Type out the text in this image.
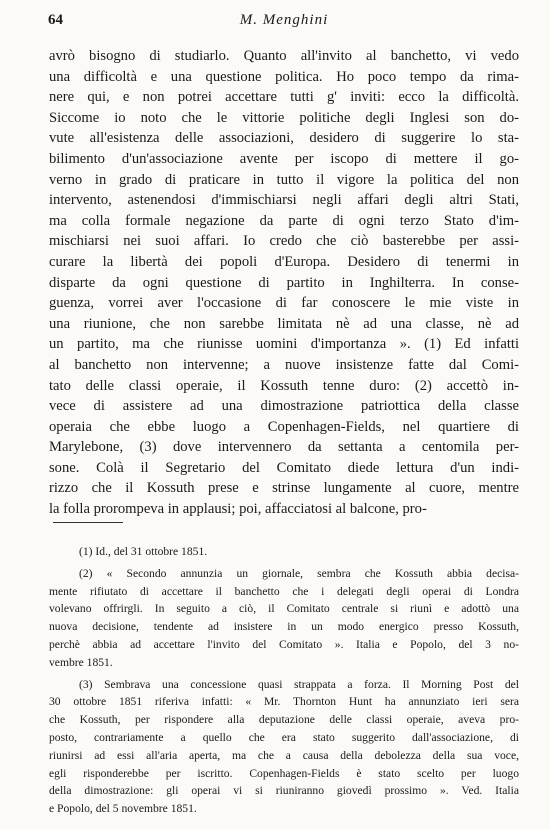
64	M. Menghini
avrò bisogno di studiarlo. Quanto all'invito al banchetto, vi vedo
una difficoltà e una questione politica. Ho poco tempo da rima-
nere qui, e non potrei accettare tutti g' inviti: ecco la difficoltà.
Siccome io noto che le vittorie politiche degli Inglesi son do-
vute all'esistenza delle associazioni, desidero di suggerire lo sta-
bilimento d'un'associazione avente per iscopo di mettere il go-
verno in grado di praticare in tutto il vigore la politica del non
intervento, astenendosi d'immischiarsi negli affari degli altri Stati,
ma colla formale negazione da parte di ogni terzo Stato d'im-
mischiarsi nei suoi affari. Io credo che ciò basterebbe per assi-
curare la libertà dei popoli d'Europa. Desidero di tenermi in
disparte da ogni questione di partito in Inghilterra. In conse-
guenza, vorrei aver l'occasione di far conoscere le mie viste in
una riunione, che non sarebbe limitata nè ad una classe, nè ad
un partito, ma che riunisse uomini d'importanza ». (1) Ed infatti
al banchetto non intervenne; a nuove insistenze fatte dal Comi-
tato delle classi operaie, il Kossuth tenne duro: (2) accettò in-
vece di assistere ad una dimostrazione patriottica della classe
operaia che ebbe luogo a Copenhagen-Fields, nel quartiere di
Marylebone, (3) dove intervennero da settanta a centomila per-
sone. Colà il Segretario del Comitato diede lettura d'un indi-
rizzo che il Kossuth prese e strinse lungamente al cuore, mentre
la folla prorompeva in applausi; poi, affacciatosi al balcone, pro-
(1) Id., del 31 ottobre 1851.
(2) « Secondo annunzia un giornale, sembra che Kossuth abbia decisa-
mente rifiutato di accettare il banchetto che i delegati degli operai di Londra
volevano offrirgli. In seguito a ciò, il Comitato centrale si riunì e adottò una
nuova decisione, tendente ad insistere in un modo energico presso Kossuth,
perchè abbia ad accettare l'invito del Comitato ». Italia e Popolo, del 3 no-
vembre 1851.
(3) Sembrava una concessione quasi strappata a forza. Il Morning Post del
30 ottobre 1851 riferiva infatti: « Mr. Thornton Hunt ha annunziato ieri sera
che Kossuth, per rispondere alla deputazione delle classi operaie, aveva pro-
posto, contrariamente a quello che era stato suggerito dall'associazione, di
riunirsi ad essi all'aria aperta, ma che a causa della debolezza della sua voce,
egli risponderebbe per iscritto. Copenhagen-Fields è stato scelto per luogo
della dimostrazione: gli operai vi si riuniranno giovedì prossimo ». Ved. Italia
e Popolo, del 5 novembre 1851.
